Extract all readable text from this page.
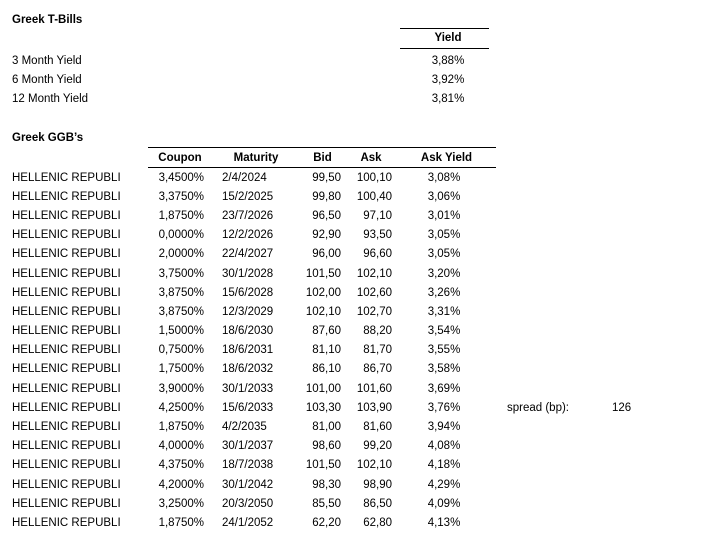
Greek T-Bills
Yield
3 Month Yield	3,88%
6 Month Yield	3,92%
12 Month Yield	3,81%
Greek GGB’s
Coupon	Maturity	Bid	Ask	Ask Yield
HELLENIC REPUBLI	3,4500%	2/4/2024	99,50	100,10	3,08%
HELLENIC REPUBLI	3,3750%	15/2/2025	99,80	100,40	3,06%
HELLENIC REPUBLI	1,8750%	23/7/2026	96,50	97,10	3,01%
HELLENIC REPUBLI	0,0000%	12/2/2026	92,90	93,50	3,05%
HELLENIC REPUBLI	2,0000%	22/4/2027	96,00	96,60	3,05%
HELLENIC REPUBLI	3,7500%	30/1/2028	101,50	102,10	3,20%
HELLENIC REPUBLI	3,8750%	15/6/2028	102,00	102,60	3,26%
HELLENIC REPUBLI	3,8750%	12/3/2029	102,10	102,70	3,31%
HELLENIC REPUBLI	1,5000%	18/6/2030	87,60	88,20	3,54%
HELLENIC REPUBLI	0,7500%	18/6/2031	81,10	81,70	3,55%
HELLENIC REPUBLI	1,7500%	18/6/2032	86,10	86,70	3,58%
HELLENIC REPUBLI	3,9000%	30/1/2033	101,00	101,60	3,69%
HELLENIC REPUBLI	4,2500%	15/6/2033	103,30	103,90	3,76%
HELLENIC REPUBLI	1,8750%	4/2/2035	81,00	81,60	3,94%
HELLENIC REPUBLI	4,0000%	30/1/2037	98,60	99,20	4,08%
HELLENIC REPUBLI	4,3750%	18/7/2038	101,50	102,10	4,18%
HELLENIC REPUBLI	4,2000%	30/1/2042	98,30	98,90	4,29%
HELLENIC REPUBLI	3,2500%	20/3/2050	85,50	86,50	4,09%
HELLENIC REPUBLI	1,8750%	24/1/2052	62,20	62,80	4,13%
spread (bp):	126
